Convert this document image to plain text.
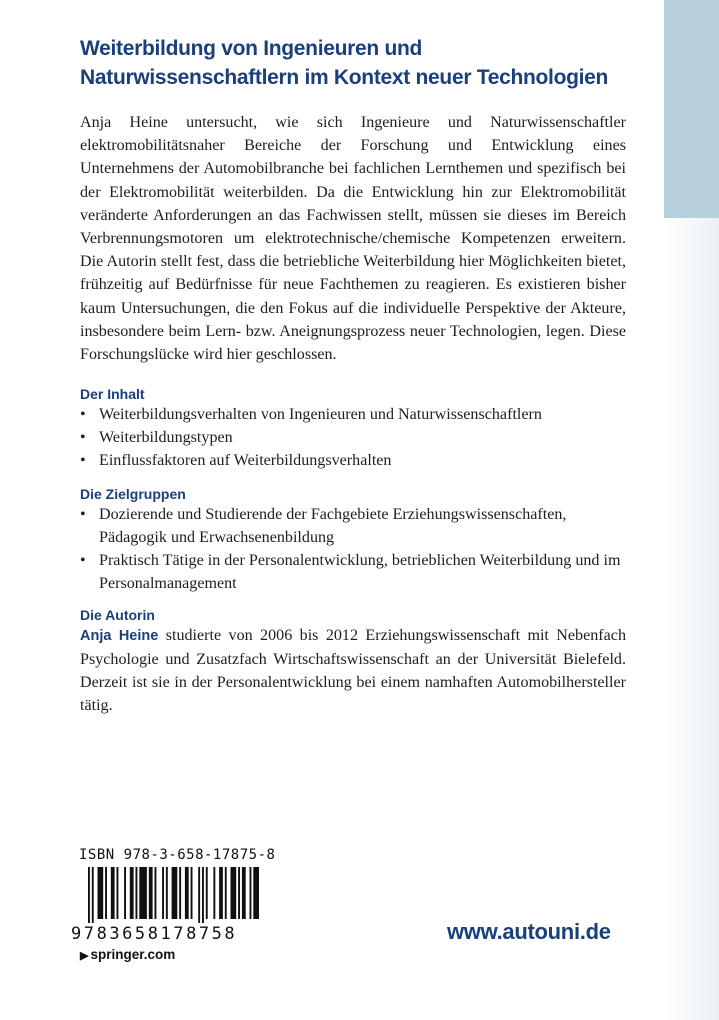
Weiterbildung von Ingenieuren und
Naturwissenschaftlern im Kontext neuer Technologien

Anja Heine untersucht, wie sich Ingenieure und Naturwissenschaftler elektromobilitätsnaher Bereiche der Forschung und Entwicklung eines Unternehmens der Automobilbranche bei fachlichen Lernthemen und spezifisch bei der Elektromobilität weiterbilden. Da die Entwicklung hin zur Elektromobilität veränderte Anforderungen an das Fachwissen stellt, müssen sie dieses im Bereich Verbrennungsmotoren um elektrotechnische/chemische Kompetenzen erweitern. Die Autorin stellt fest, dass die betriebliche Weiterbildung hier Möglichkeiten bietet, frühzeitig auf Bedürfnisse für neue Fachthemen zu reagieren. Es existieren bisher kaum Untersuchungen, die den Fokus auf die individuelle Perspektive der Akteure, insbesondere beim Lern- bzw. Aneignungsprozess neuer Technologien, legen. Diese Forschungslücke wird hier geschlossen.

Der Inhalt
• Weiterbildungsverhalten von Ingenieuren und Naturwissenschaftlern
• Weiterbildungstypen
• Einflussfaktoren auf Weiterbildungsverhalten
Die Zielgruppen
• Dozierende und Studierende der Fachgebiete Erziehungswissenschaften, Pädagogik und Erwachsenenbildung
• Praktisch Tätige in der Personalentwicklung, betrieblichen Weiterbildung und im Personalmanagement
Die Autorin

Anja Heine studierte von 2006 bis 2012 Erziehungswissenschaft mit Nebenfach Psychologie und Zusatzfach Wirtschaftswissenschaft an der Universität Bielefeld. Derzeit ist sie in der Personalentwicklung bei einem namhaften Automobilhersteller tätig.

ISBN 978-3-658-17875-8
9783658178758
▶ springer.com
www.autouni.de
